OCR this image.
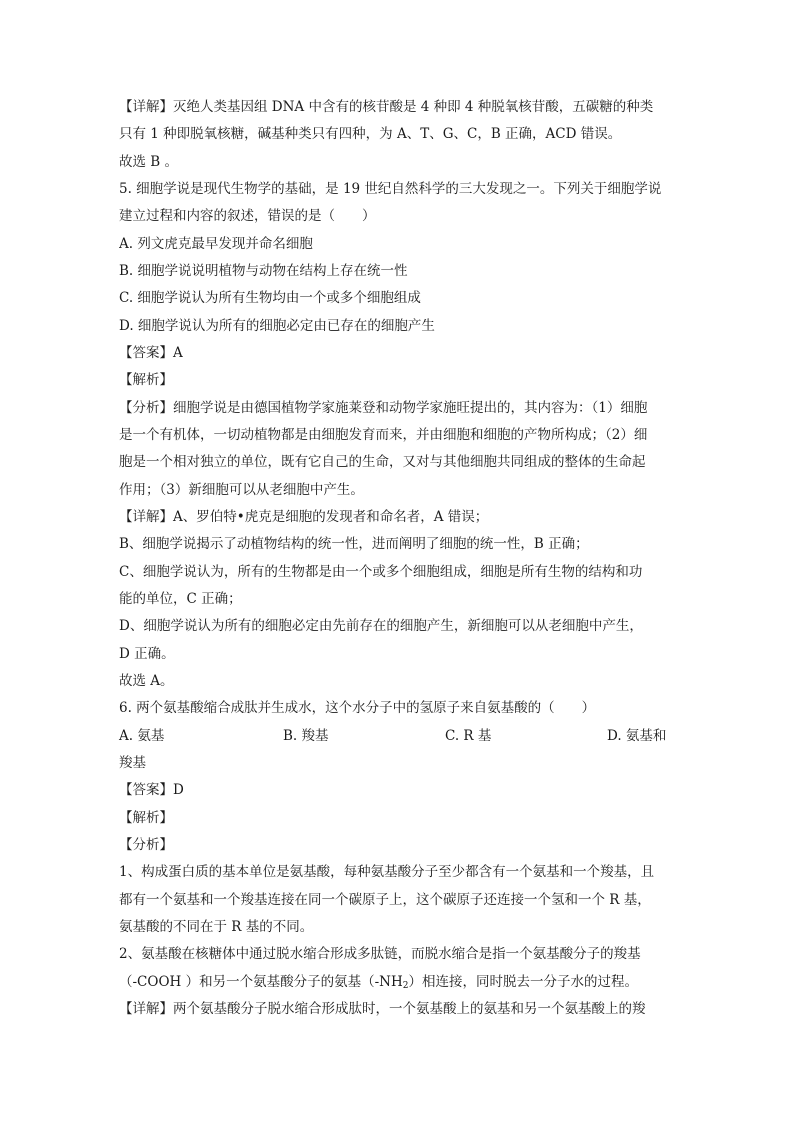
【详解】灭绝人类基因组 DNA 中含有的核苷酸是 4 种即 4 种脱氧核苷酸，五碳糖的种类
只有 1 种即脱氧核糖，碱基种类只有四种，为 A、T、G、C，B 正确，ACD 错误。
故选 B 。
5. 细胞学说是现代生物学的基础，是 19 世纪自然科学的三大发现之一。下列关于细胞学说
建立过程和内容的叙述，错误的是（　　）
A. 列文虎克最早发现并命名细胞
B. 细胞学说说明植物与动物在结构上存在统一性
C. 细胞学说认为所有生物均由一个或多个细胞组成
D. 细胞学说认为所有的细胞必定由已存在的细胞产生
【答案】A
【解析】
【分析】细胞学说是由德国植物学家施莱登和动物学家施旺提出的，其内容为：（1）细胞
是一个有机体，一切动植物都是由细胞发育而来，并由细胞和细胞的产物所构成；（2）细
胞是一个相对独立的单位，既有它自己的生命，又对与其他细胞共同组成的整体的生命起
作用；（3）新细胞可以从老细胞中产生。
【详解】A、罗伯特•虎克是细胞的发现者和命名者，A 错误；
B、细胞学说揭示了动植物结构的统一性，进而阐明了细胞的统一性，B 正确；
C、细胞学说认为，所有的生物都是由一个或多个细胞组成，细胞是所有生物的结构和功
能的单位，C 正确；
D、细胞学说认为所有的细胞必定由先前存在的细胞产生，新细胞可以从老细胞中产生，
D 正确。
故选 A。
6. 两个氨基酸缩合成肽并生成水，这个水分子中的氢原子来自氨基酸的（　　）
A. 氨基	B. 羧基	C. R 基	D. 氨基和
羧基
【答案】D
【解析】
【分析】
1、构成蛋白质的基本单位是氨基酸，每种氨基酸分子至少都含有一个氨基和一个羧基，且
都有一个氨基和一个羧基连接在同一个碳原子上，这个碳原子还连接一个氢和一个 R 基，
氨基酸的不同在于 R 基的不同。
2、氨基酸在核糖体中通过脱水缩合形成多肽链，而脱水缩合是指一个氨基酸分子的羧基
（-COOH ）和另一个氨基酸分子的氨基$(-NH_2)$相连接，同时脱去一分子水的过程。
【详解】两个氨基酸分子脱水缩合形成肽时，一个氨基酸上的氨基和另一个氨基酸上的羧
